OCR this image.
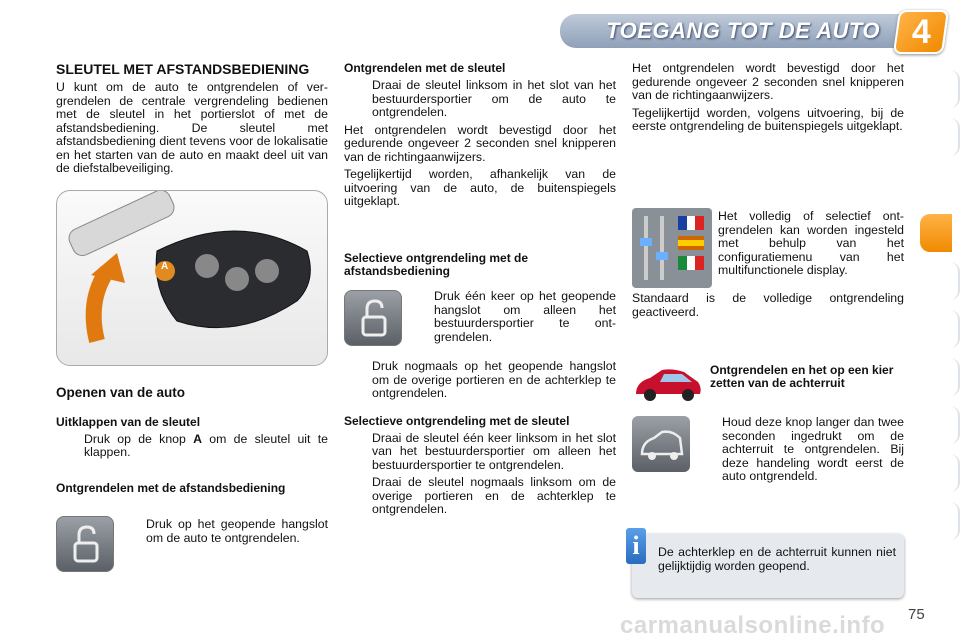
TOEGANG TOT DE AUTO 4
SLEUTEL MET AFSTANDSBEDIENING

U kunt om de auto te ontgrendelen of vergrendelen de centrale vergrendeling bedienen met de sleutel in het portierslot of met de afstandsbediening. De sleutel met afstandsbediening dient tevens voor de lokalisatie en het starten van de auto en maakt deel uit van de diefstalbeveiliging.

A
Openen van de auto
Uitklappen van de sleutel
Druk op de knop A om de sleutel uit te klappen.
Ontgrendelen met de afstandsbediening
Druk op het geopende hangslot om de auto te ontgrendelen.
Ontgrendelen met de sleutel
Draai de sleutel linksom in het slot van het bestuurdersportier om de auto te ontgrendelen.

Het ontgrendelen wordt bevestigd door het gedurende ongeveer 2 seconden snel knipperen van de richtingaanwijzers.

Tegelijkertijd worden, afhankelijk van de uitvoering van de auto, de buitenspiegels uitgeklapt.

Selectieve ontgrendeling met de afstandsbediening
Druk één keer op het geopende hangslot om alleen het bestuurdersportier te ontgrendelen.
Druk nogmaals op het geopende hangslot om de overige portieren en de achterklep te ontgrendelen.
Selectieve ontgrendeling met de sleutel
Draai de sleutel één keer linksom in het slot van het bestuurdersportier om alleen het bestuurdersportier te ontgrendelen.
Draai de sleutel nogmaals linksom om de overige portieren en de achterklep te ontgrendelen.

Het ontgrendelen wordt bevestigd door het gedurende ongeveer 2 seconden snel knipperen van de richtingaanwijzers.

Tegelijkertijd worden, volgens uitvoering, bij de eerste ontgrendeling de buitenspiegels uitgeklapt.

Het volledig of selectief ontgrendelen kan worden ingesteld met behulp van het configuratiemenu van het multifunctionele display.

Standaard is de volledige ontgrendeling geactiveerd.

Ontgrendelen en het op een kier zetten van de achterruit
Houd deze knop langer dan twee seconden ingedrukt om de achterruit te ontgrendelen. Bij deze handeling wordt eerst de auto ontgrendeld.
i	De achterklep en de achterruit kunnen niet gelijktijdig worden geopend.
carmanualsonline.info 75
